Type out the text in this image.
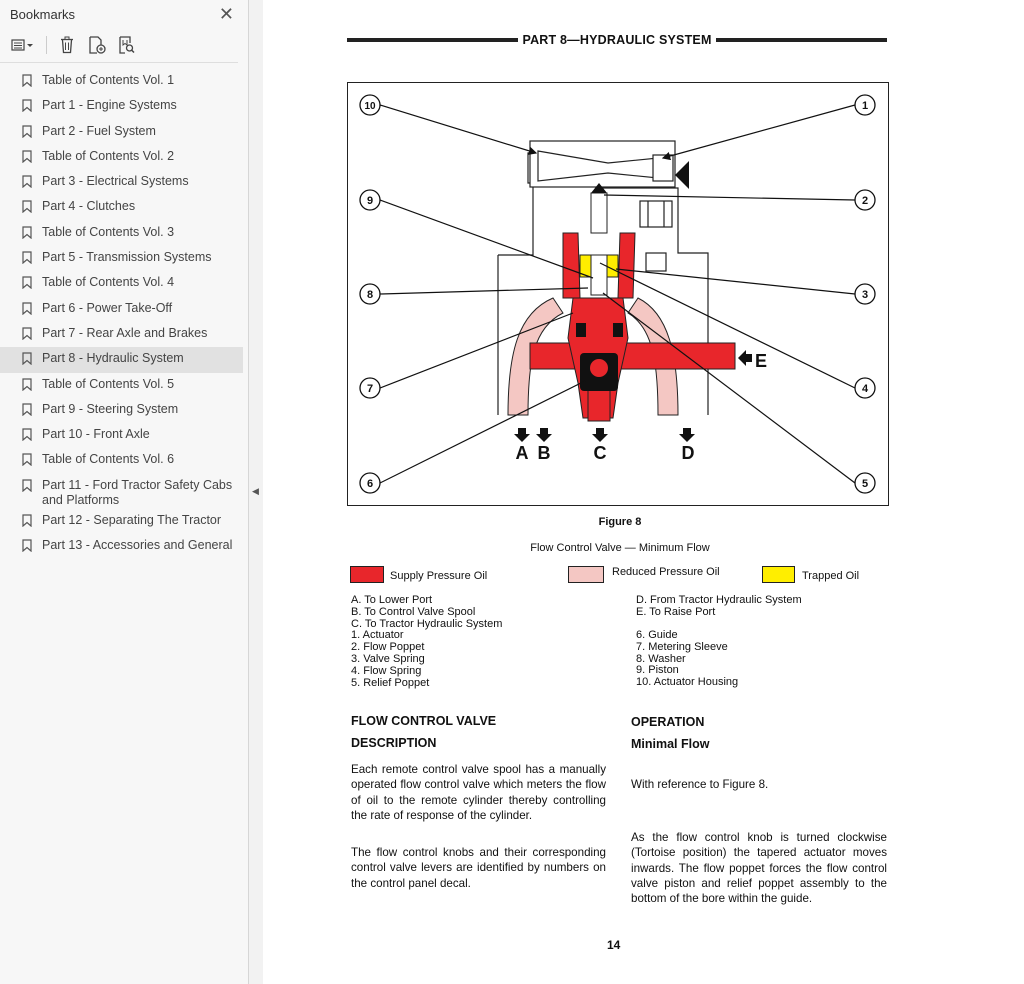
Bookmarks	✕
Table of Contents Vol. 1
Part 1 - Engine Systems
Part 2 - Fuel System
Table of Contents Vol. 2
Part 3 - Electrical Systems
Part 4 - Clutches
Table of Contents Vol. 3
Part 5 - Transmission Systems
Table of Contents Vol. 4
Part 6 - Power Take-Off
Part 7 - Rear Axle and Brakes
Part 8 - Hydraulic System
Table of Contents Vol. 5
Part 9 - Steering System
Part 10 - Front Axle
Table of Contents Vol. 6
Part 11 - Ford Tractor Safety Cabs and Platforms
Part 12 - Separating The Tractor
Part 13 - Accessories and General
◀
PART 8—HYDRAULIC SYSTEM
1
2
3
4
5
6
7
8
9
10
A B C	D
E
Figure 8
Flow Control Valve — Minimum Flow
Supply Pressure Oil	Reduced Pressure Oil	Trapped Oil
A. To Lower Port
B. To Control Valve Spool
C. To Tractor Hydraulic System
1. Actuator
2. Flow Poppet
3. Valve Spring
4. Flow Spring
5. Relief Poppet
D. From Tractor Hydraulic System
E. To Raise Port
6. Guide
7. Metering Sleeve
8. Washer
9. Piston
10. Actuator Housing
FLOW CONTROL VALVE
DESCRIPTION
Each remote control valve spool has a manually operated flow control valve which meters the flow of oil to the remote cylinder thereby controlling the rate of response of the cylinder.
The flow control knobs and their corresponding control valve levers are identified by numbers on the control panel decal.
OPERATION
Minimal Flow
With reference to Figure 8.
As the flow control knob is turned clockwise (Tortoise position) the tapered actuator moves inwards. The flow poppet forces the flow control valve piston and relief poppet assembly to the bottom of the bore within the guide.
14
